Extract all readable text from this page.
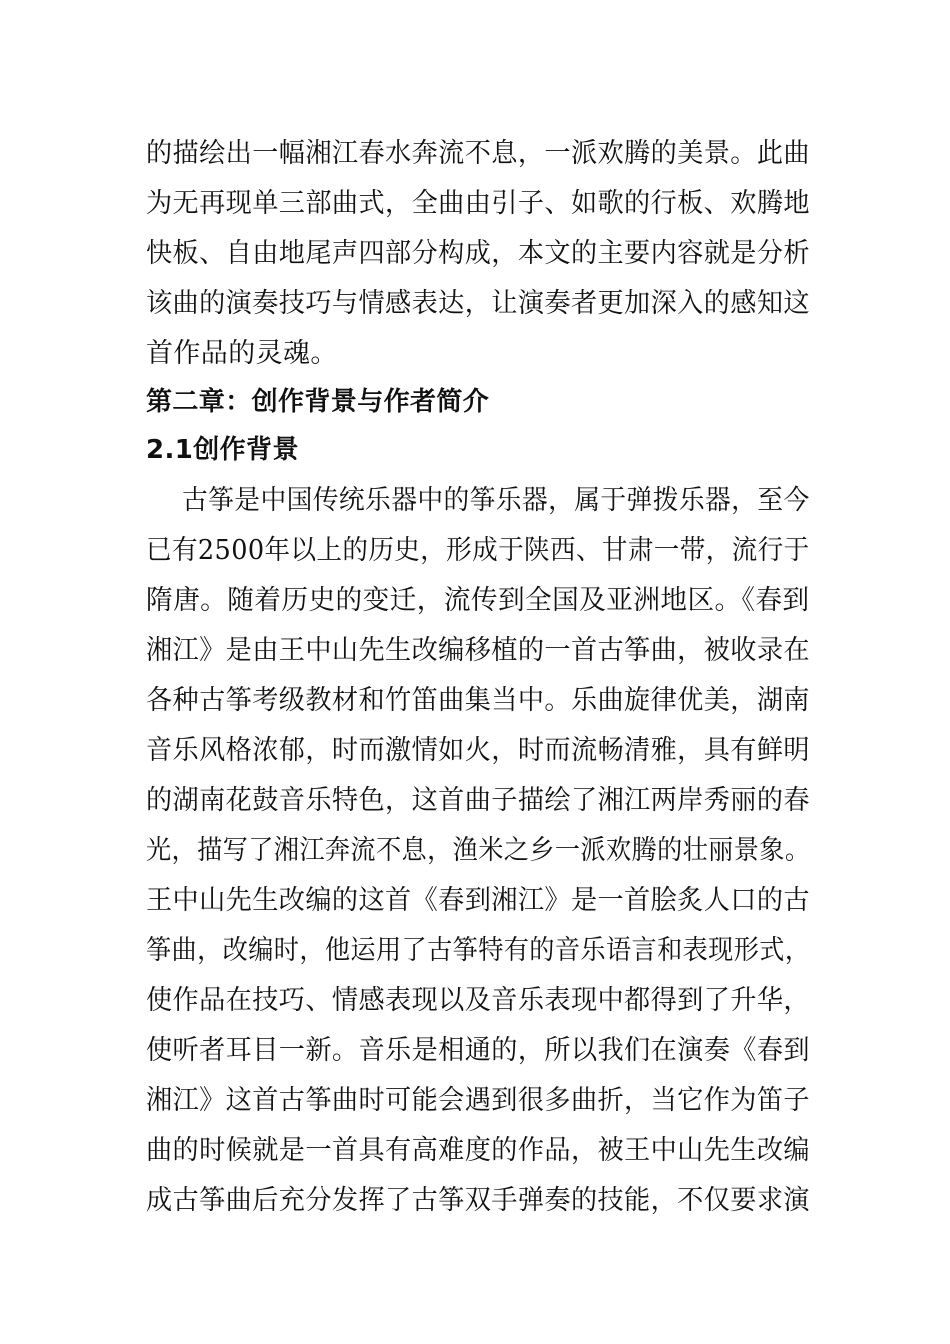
的描绘出一幅湘江春水奔流不息，一派欢腾的美景。此曲
为无再现单三部曲式，全曲由引子、如歌的行板、欢腾地
快板、自由地尾声四部分构成，本文的主要内容就是分析
该曲的演奏技巧与情感表达，让演奏者更加深入的感知这
首作品的灵魂。
第二章：创作背景与作者简介
2.1创作背景
古筝是中国传统乐器中的筝乐器，属于弹拨乐器，至今
已有2500年以上的历史，形成于陕西、甘肃一带，流行于
隋唐。随着历史的变迁，流传到全国及亚洲地区。《春到
湘江》是由王中山先生改编移植的一首古筝曲，被收录在
各种古筝考级教材和竹笛曲集当中。乐曲旋律优美，湖南
音乐风格浓郁，时而激情如火，时而流畅清雅，具有鲜明
的湖南花鼓音乐特色，这首曲子描绘了湘江两岸秀丽的春
光，描写了湘江奔流不息，渔米之乡一派欢腾的壮丽景象。
王中山先生改编的这首《春到湘江》是一首脍炙人口的古
筝曲，改编时，他运用了古筝特有的音乐语言和表现形式，
使作品在技巧、情感表现以及音乐表现中都得到了升华，
使听者耳目一新。音乐是相通的，所以我们在演奏《春到
湘江》这首古筝曲时可能会遇到很多曲折，当它作为笛子
曲的时候就是一首具有高难度的作品，被王中山先生改编
成古筝曲后充分发挥了古筝双手弹奏的技能，不仅要求演
